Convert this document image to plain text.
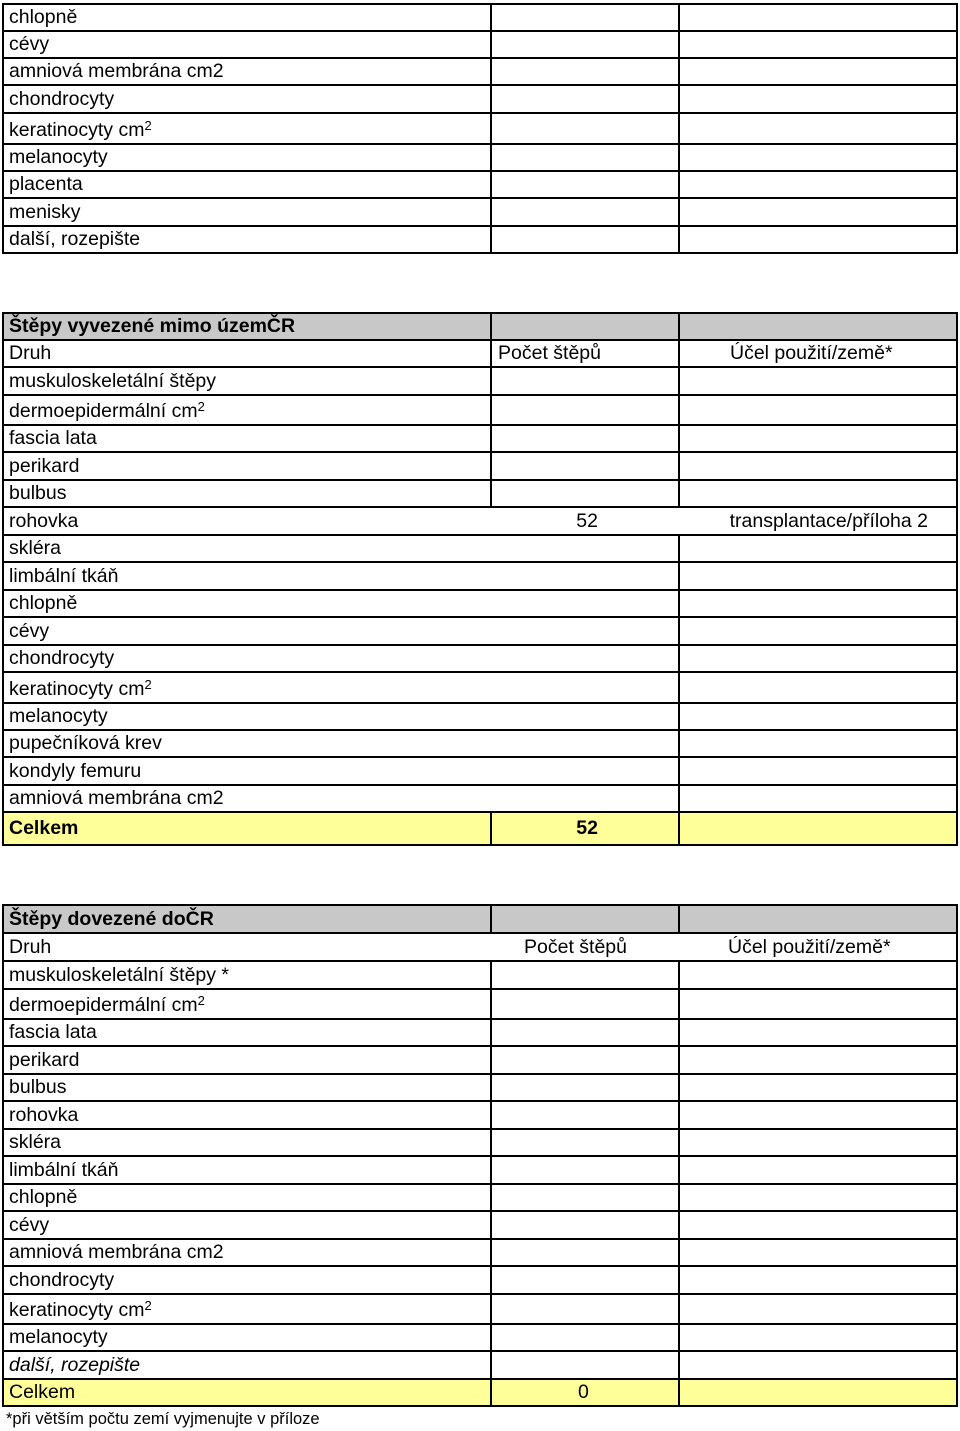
chlopně
cévy
amniová membrána cm2
chondrocyty
keratinocyty $cm^2$
melanocyty
placenta
menisky
další, rozepište
Štěpy vyvezené mimo územČR
Druh	Počet štěpů	Účel použití/země*
muskuloskeletální štěpy
dermoepidermální $cm^2$
fascia lata
perikard
bulbus
rohovka	52	transplantace/příloha 2
skléra
limbální tkáň
chlopně
cévy
chondrocyty
keratinocyty $cm^2$
melanocyty
pupečníková krev
kondyly femuru
amniová membrána cm2
Celkem	52
Štěpy dovezené doČR
Druh	Počet štěpů	Účel použití/země*
muskuloskeletální štěpy *
dermoepidermální $cm^2$
fascia lata
perikard
bulbus
rohovka
skléra
limbální tkáň
chlopně
cévy
amniová membrána cm2
chondrocyty
keratinocyty $cm^2$
melanocyty
další, rozepište
Celkem	0
*při větším počtu zemí vyjmenujte v příloze
